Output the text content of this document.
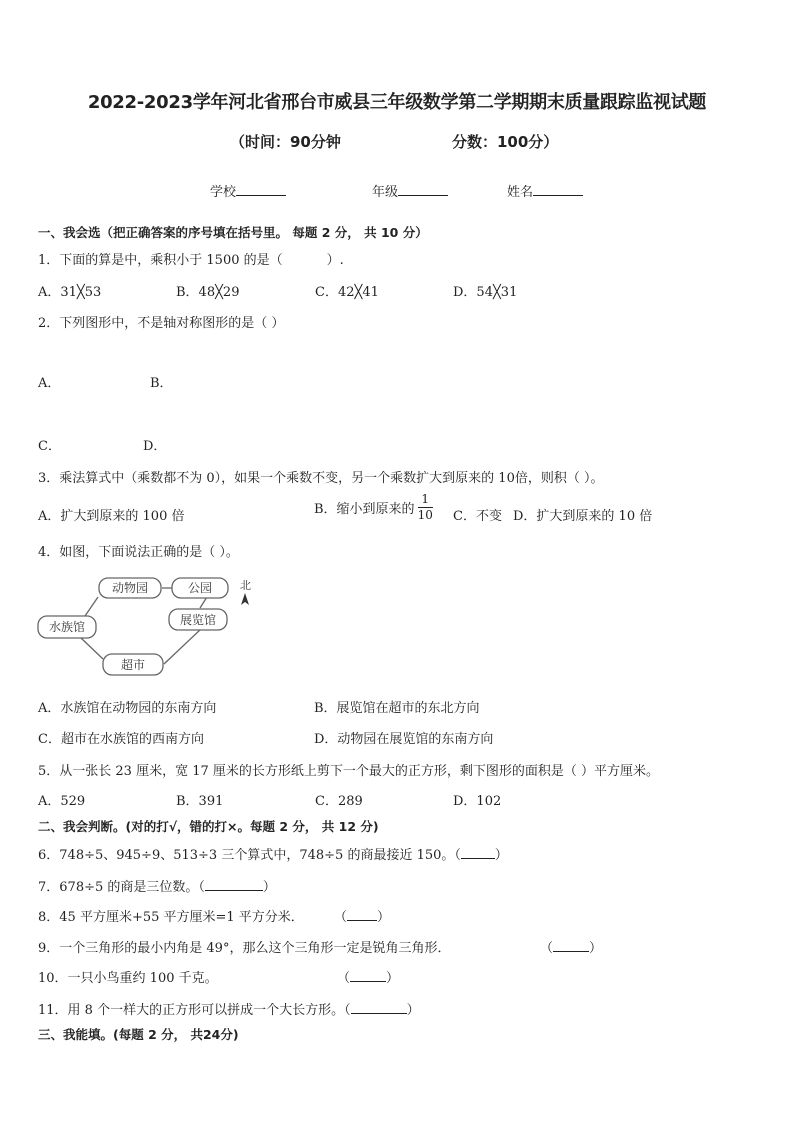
2022-2023学年河北省邢台市威县三年级数学第二学期期末质量跟踪监视试题
（时间：90分钟	分数：100分）
学校	年级	姓名
一、我会选（把正确答案的序号填在括号里。 每题 2 分， 共 10 分）
1．下面的算是中，乘积小于 1500 的是（	）.
A．31╳53	B．48╳29	C．42╳41	D．54╳31
2．下列图形中，不是轴对称图形的是（ ）
A．	B．
C．	D．
3．乘法算式中（乘数都不为 0），如果一个乘数不变，另一个乘数扩大到原来的 10倍，则积（ ）。
A．扩大到原来的 100 倍	B．缩小到原来的 $\frac{1}{10}$ C．不变 D．扩大到原来的 10 倍
4．如图，下面说法正确的是（ ）。
动物园	公园
水族馆	展览馆
超市
北
A．水族馆在动物园的东南方向	B．展览馆在超市的东北方向
C．超市在水族馆的西南方向	D．动物园在展览馆的东南方向
5．从一张长 23 厘米，宽 17 厘米的长方形纸上剪下一个最大的正方形，剩下图形的面积是（ ）平方厘米。
A．529	B．391	C．289	D．102
二、我会判断。(对的打√，错的打×。每题 2 分， 共 12 分)
6．748÷5、945÷9、513÷3 三个算式中，748÷5 的商最接近 150。（	）
7．678÷5 的商是三位数。（	）
8．45 平方厘米+55 平方厘米=1 平方分米． （ ）
9．一个三角形的最小内角是 49°，那么这个三角形一定是锐角三角形．	（	）
10．一只小鸟重约 100 千克。	（	）
11．用 8 个一样大的正方形可以拼成一个大长方形。（	）
三、我能填。(每题 2 分， 共24分)
